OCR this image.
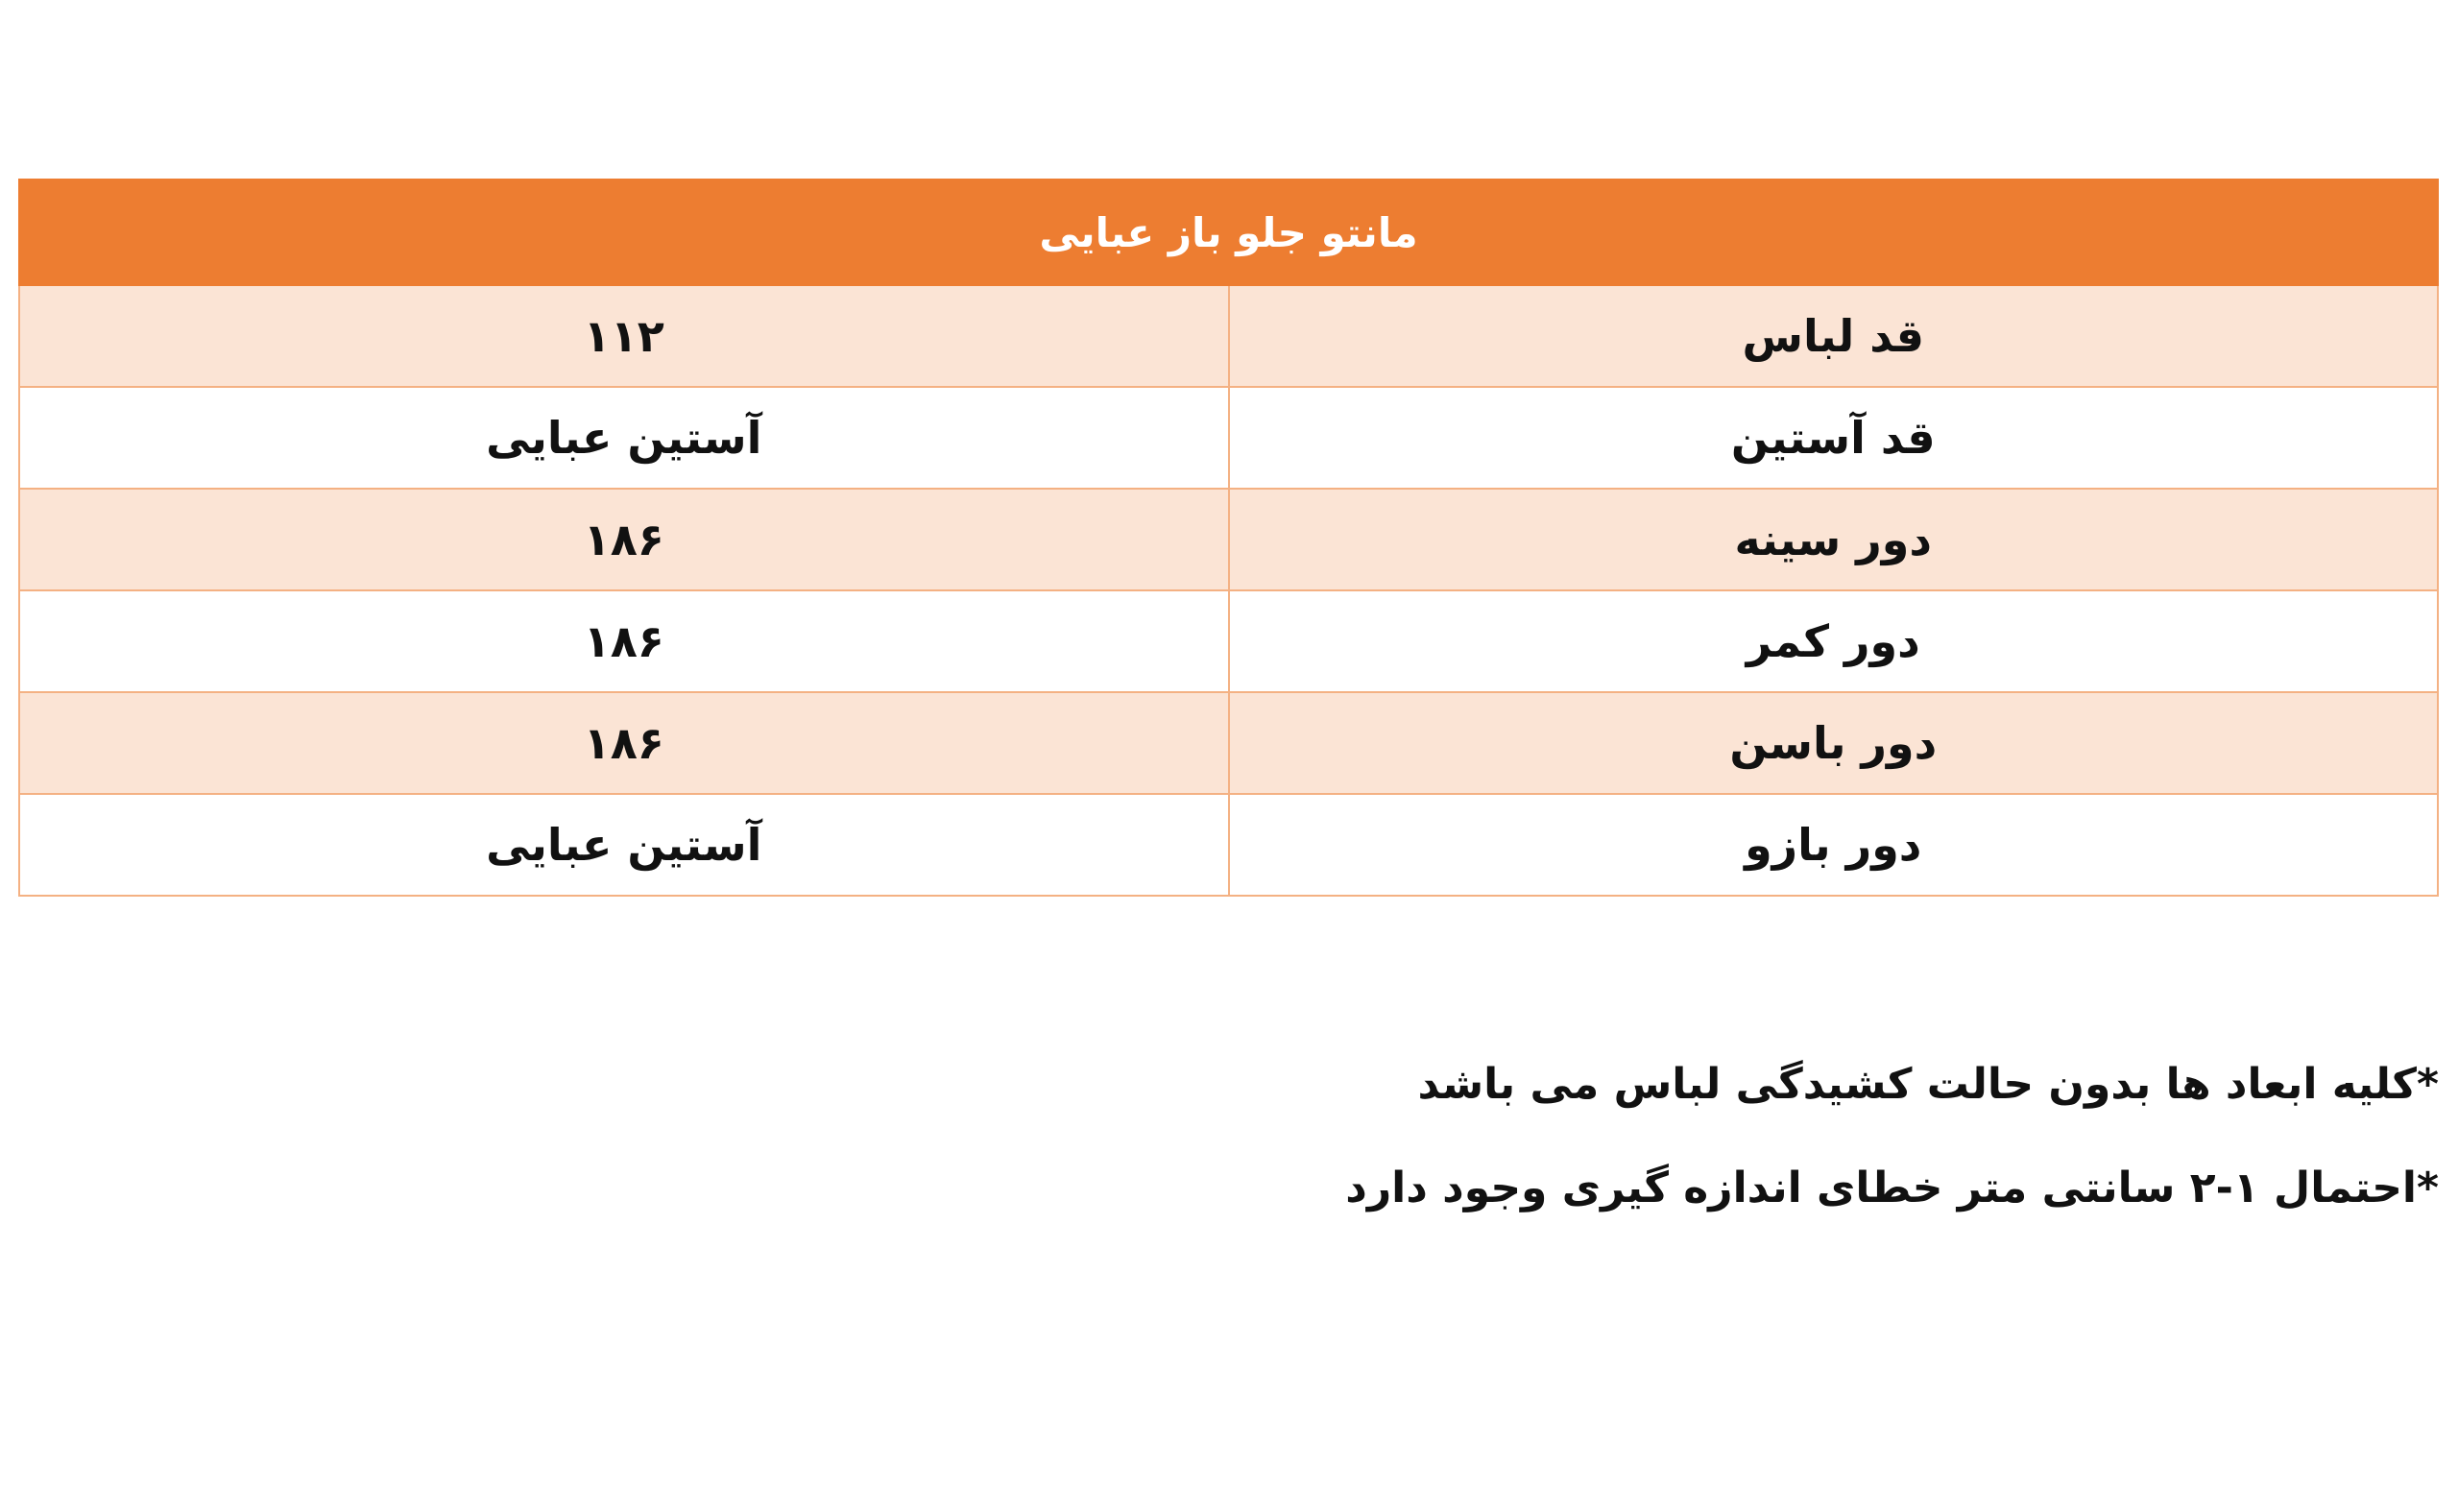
مانتو جلو باز عبایی	
قد لباس	۱۱۲
قد آستین	آستین عبایی
دور سینه	۱۸۶
دور کمر	۱۸۶
دور باسن	۱۸۶
دور بازو	آستین عبایی
*کلیه ابعاد ها بدون حالت کشیدگی لباس می باشد
*احتمال ۱-۲ سانتی متر خطای اندازه گیری وجود دارد
